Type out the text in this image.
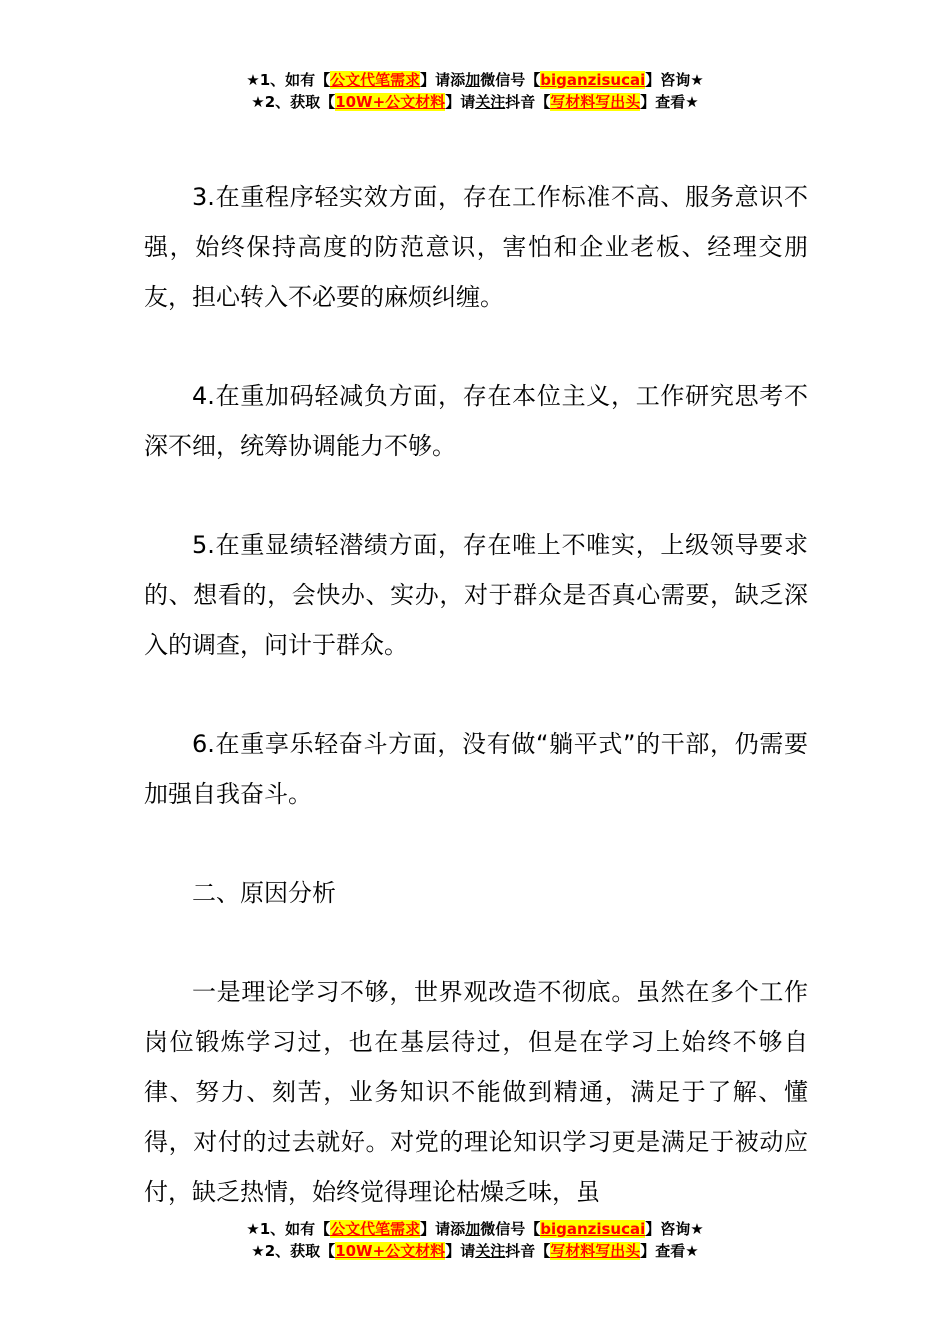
★1、如有【公文代笔需求】请添加微信号【biganzisucai】咨询★
★2、获取【10W+公文材料】请关注抖音【写材料写出头】查看★

3.在重程序轻实效方面，存在工作标准不高、服务意识不强，始终保持高度的防范意识，害怕和企业老板、经理交朋友，担心转入不必要的麻烦纠缠。

4.在重加码轻减负方面，存在本位主义，工作研究思考不深不细，统筹协调能力不够。

5.在重显绩轻潜绩方面，存在唯上不唯实，上级领导要求的、想看的，会快办、实办，对于群众是否真心需要，缺乏深入的调查，问计于群众。

6.在重享乐轻奋斗方面，没有做“躺平式”的干部，仍需要加强自我奋斗。

二、原因分析

一是理论学习不够，世界观改造不彻底。虽然在多个工作岗位锻炼学习过，也在基层待过，但是在学习上始终不够自律、努力、刻苦，业务知识不能做到精通，满足于了解、懂得，对付的过去就好。对党的理论知识学习更是满足于被动应付，缺乏热情，始终觉得理论枯燥乏味，虽

★1、如有【公文代笔需求】请添加微信号【biganzisucai】咨询★
★2、获取【10W+公文材料】请关注抖音【写材料写出头】查看★
